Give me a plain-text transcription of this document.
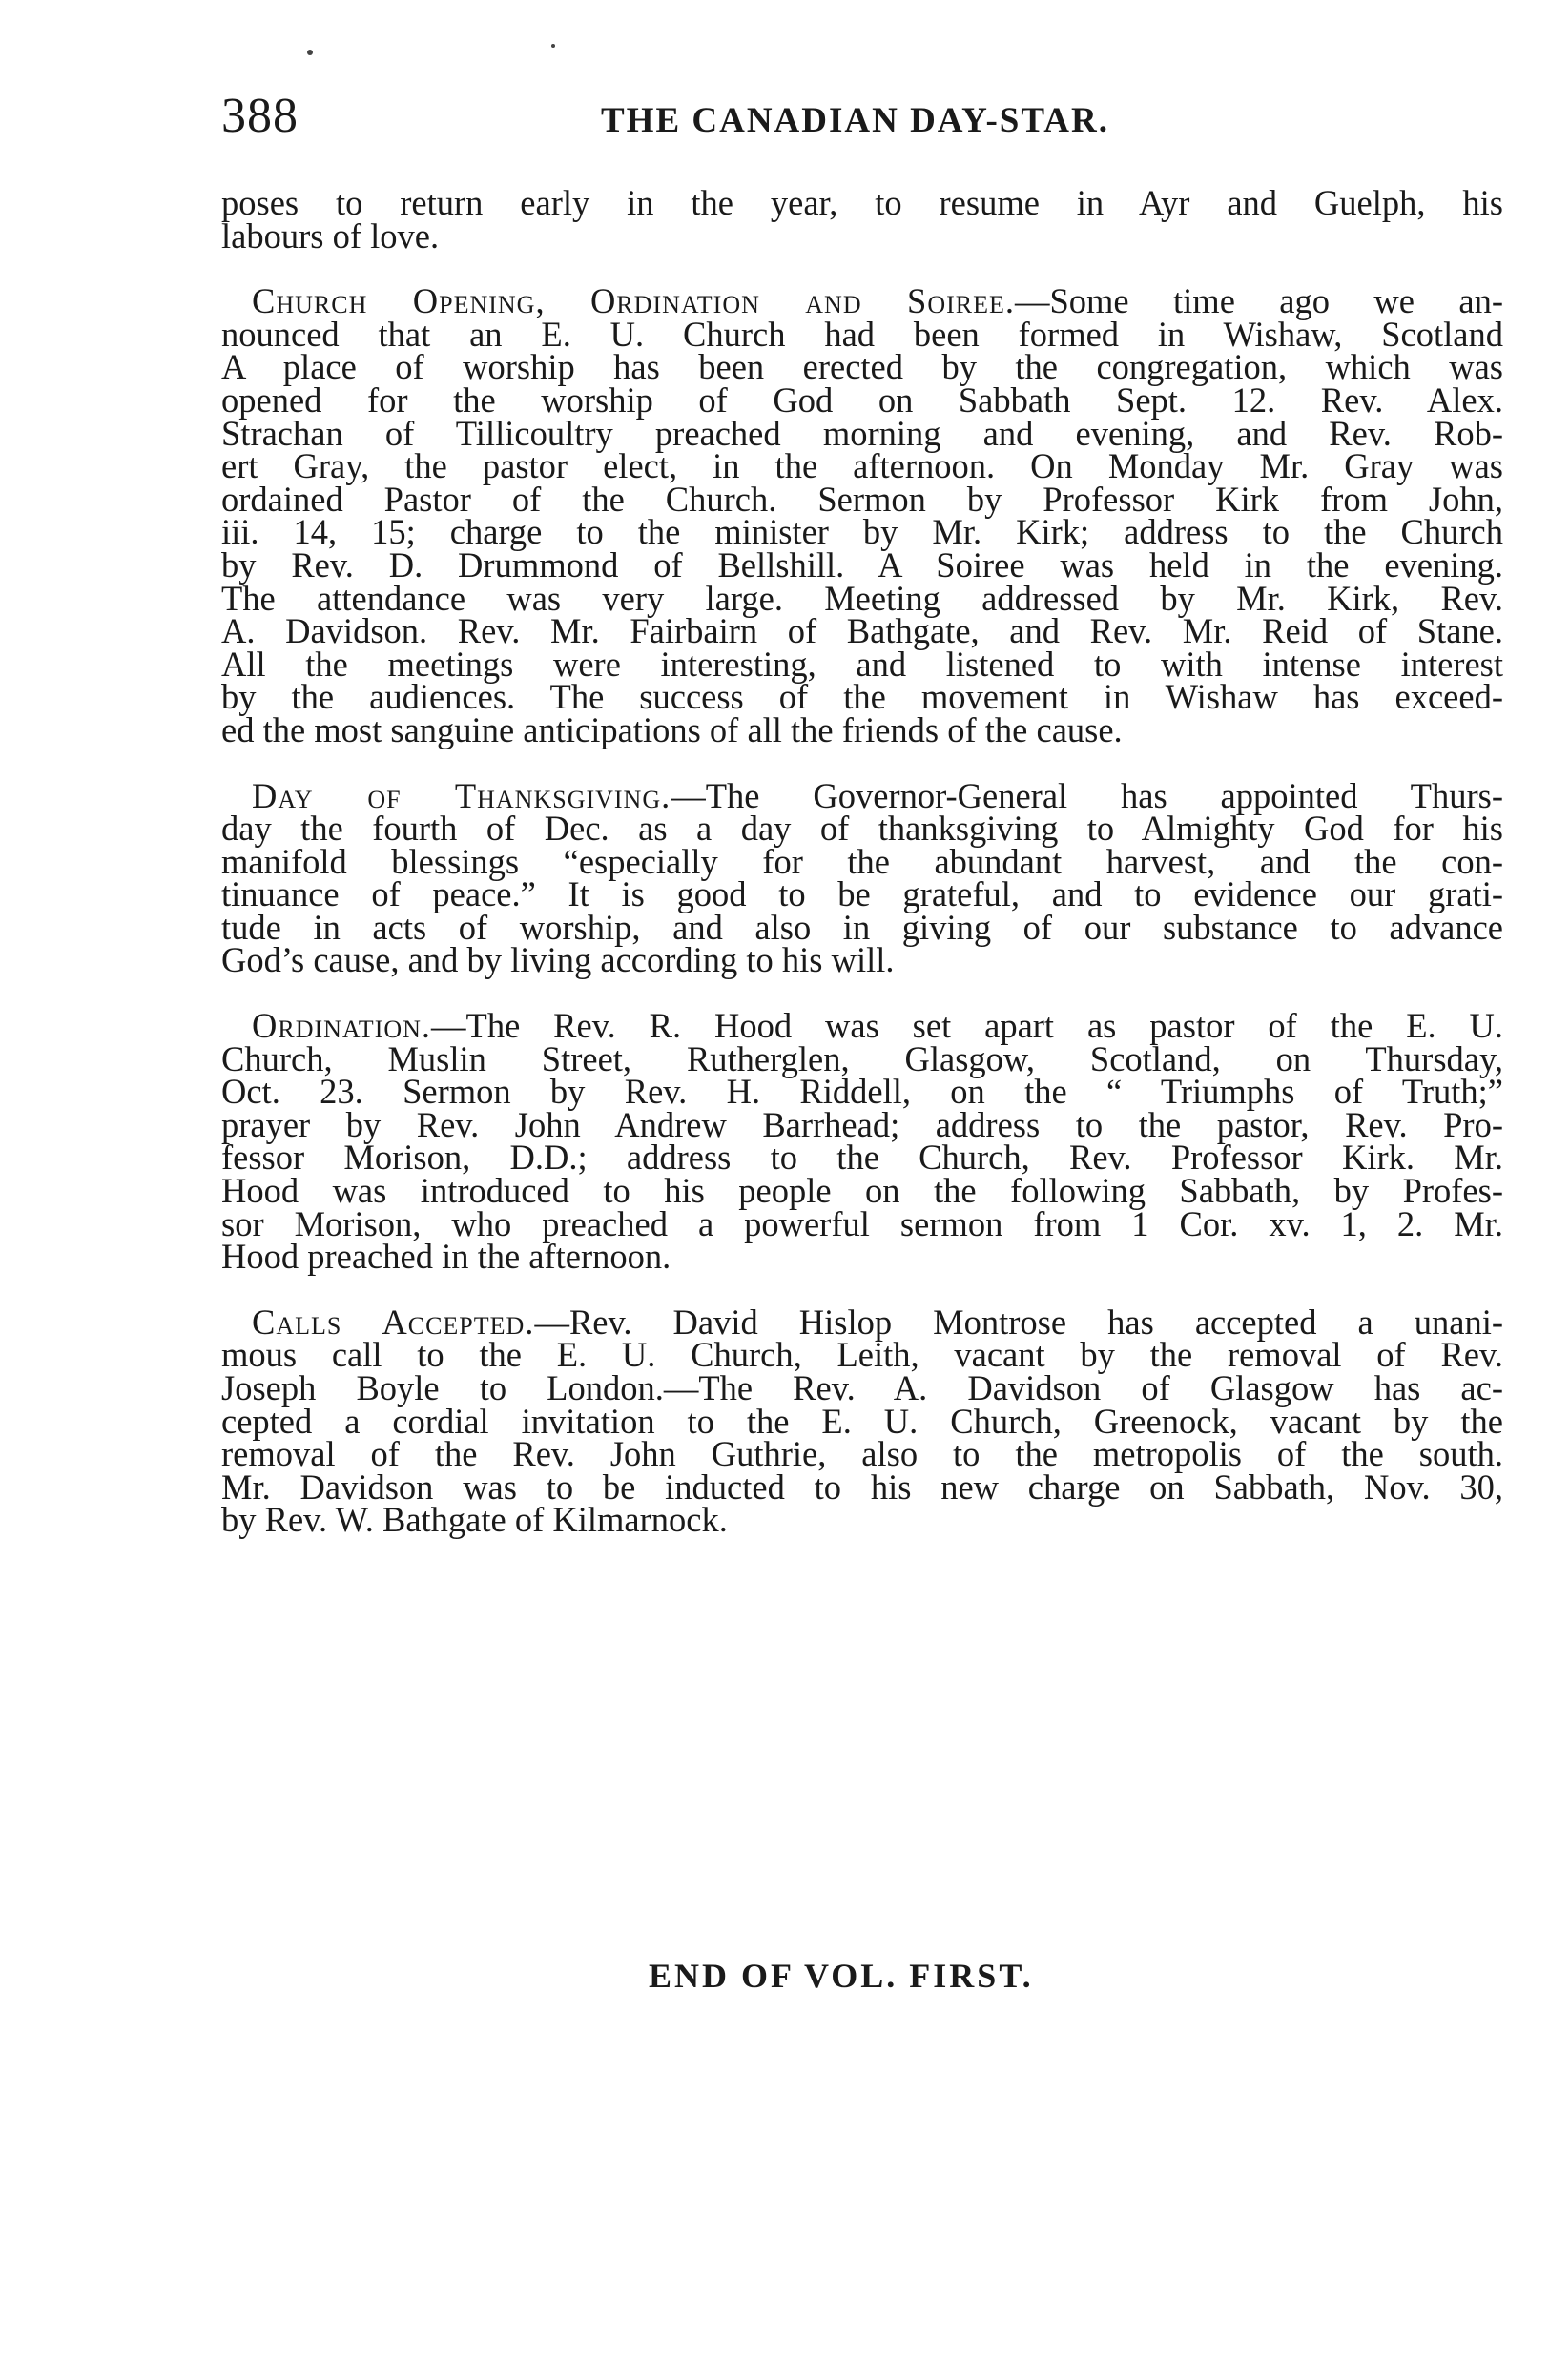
388	THE CANADIAN DAY-STAR.
poses to return early in the year, to resume in Ayr and Guelph, his
labours of love.
Church Opening, Ordination and Soiree.—Some time ago we an-
nounced that an E. U. Church had been formed in Wishaw, Scotland
A place of worship has been erected by the congregation, which was
opened for the worship of God on Sabbath Sept. 12. Rev. Alex.
Strachan of Tillicoultry preached morning and evening, and Rev. Rob-
ert Gray, the pastor elect, in the afternoon. On Monday Mr. Gray was
ordained Pastor of the Church. Sermon by Professor Kirk from John,
iii. 14, 15; charge to the minister by Mr. Kirk; address to the Church
by Rev. D. Drummond of Bellshill. A Soiree was held in the evening.
The attendance was very large. Meeting addressed by Mr. Kirk, Rev.
A. Davidson. Rev. Mr. Fairbairn of Bathgate, and Rev. Mr. Reid of Stane.
All the meetings were interesting, and listened to with intense interest
by the audiences. The success of the movement in Wishaw has exceed-
ed the most sanguine anticipations of all the friends of the cause.
Day of Thanksgiving.—The Governor-General has appointed Thurs-
day the fourth of Dec. as a day of thanksgiving to Almighty God for his
manifold blessings “especially for the abundant harvest, and the con-
tinuance of peace.” It is good to be grateful, and to evidence our grati-
tude in acts of worship, and also in giving of our substance to advance
God’s cause, and by living according to his will.
Ordination.—The Rev. R. Hood was set apart as pastor of the E. U.
Church, Muslin Street, Rutherglen, Glasgow, Scotland, on Thursday,
Oct. 23. Sermon by Rev. H. Riddell, on the “ Triumphs of Truth;”
prayer by Rev. John Andrew Barrhead; address to the pastor, Rev. Pro-
fessor Morison, D.D.; address to the Church, Rev. Professor Kirk. Mr.
Hood was introduced to his people on the following Sabbath, by Profes-
sor Morison, who preached a powerful sermon from 1 Cor. xv. 1, 2. Mr.
Hood preached in the afternoon.
Calls Accepted.—Rev. David Hislop Montrose has accepted a unani-
mous call to the E. U. Church, Leith, vacant by the removal of Rev.
Joseph Boyle to London.—The Rev. A. Davidson of Glasgow has ac-
cepted a cordial invitation to the E. U. Church, Greenock, vacant by the
removal of the Rev. John Guthrie, also to the metropolis of the south.
Mr. Davidson was to be inducted to his new charge on Sabbath, Nov. 30,
by Rev. W. Bathgate of Kilmarnock.
END OF VOL. FIRST.
